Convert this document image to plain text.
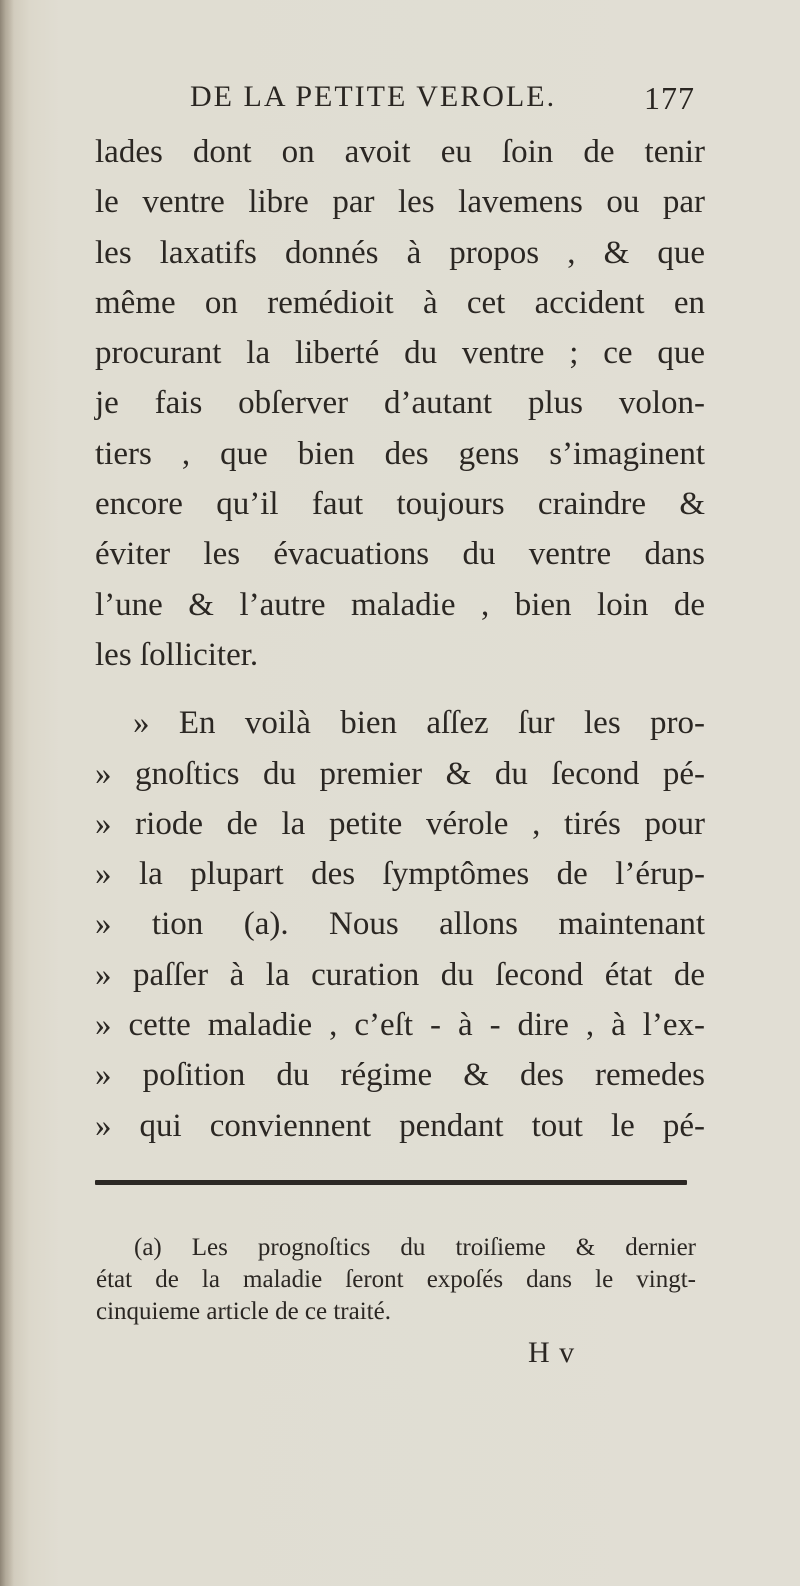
DE LA PETITE VEROLE.	177
lades dont on avoit eu ſoin de tenir
le ventre libre par les lavemens ou par
les laxatifs donnés à propos , & que
même on remédioit à cet accident en
procurant la liberté du ventre ; ce que
je fais obſerver d’autant plus volon-
tiers , que bien des gens s’imaginent
encore qu’il faut toujours craindre &
éviter les évacuations du ventre dans
l’une & l’autre maladie , bien loin de
les ſolliciter.
» En voilà bien aſſez ſur les pro-
» gnoſtics du premier & du ſecond pé-
» riode de la petite vérole , tirés pour
» la plupart des ſymptômes de l’érup-
» tion (a). Nous allons maintenant
» paſſer à la curation du ſecond état de
» cette maladie , c’eſt - à - dire , à l’ex-
» poſition du régime & des remedes
» qui conviennent pendant tout le pé-
(a) Les prognoſtics du troiſieme & dernier
état de la maladie ſeront expoſés dans le vingt-
cinquieme article de ce traité.
H v
